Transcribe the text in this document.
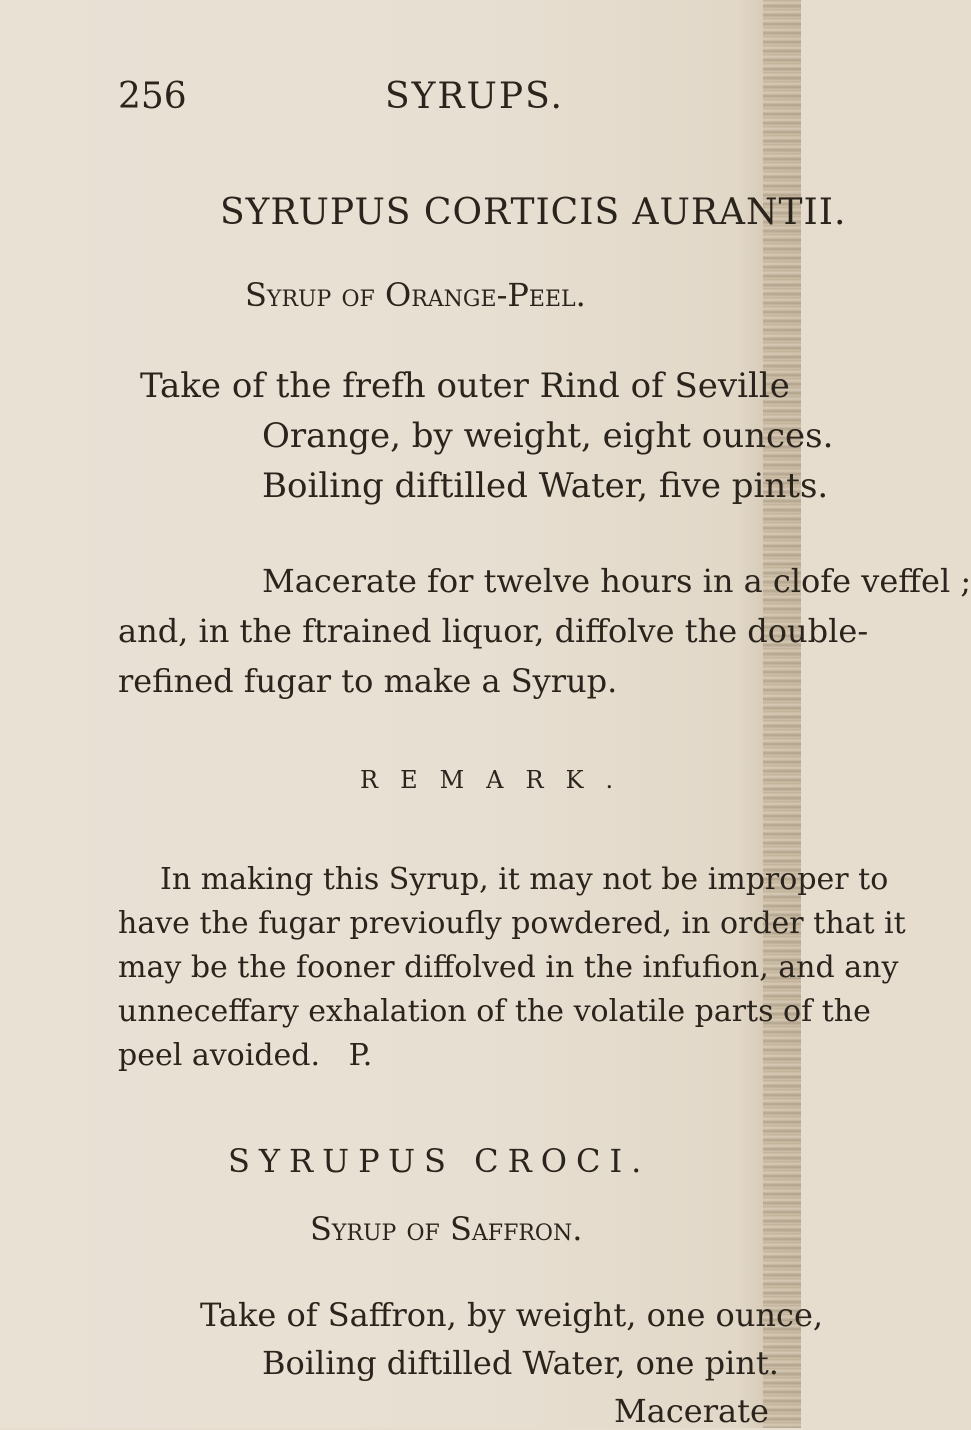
256	SYRUPS.
SYRUPUS CORTICIS AURANTII.
Syrup of Orange-Peel.
Take of the frefh outer Rind of Seville
Orange, by weight, eight ounces.
Boiling diftilled Water, five pints.
Macerate for twelve hours in a clofe veffel ;
and, in the ftrained liquor, diffolve the double-
refined fugar to make a Syrup.
REMARK.
In making this Syrup, it may not be improper to
have the fugar previoufly powdered, in order that it
may be the fooner diffolved in the infufion, and any
unneceffary exhalation of the volatile parts of the
peel avoided.   P.
SYRUPUS CROCI.
Syrup of Saffron.
Take of Saffron, by weight, one ounce,
Boiling diftilled Water, one pint.
Macerate
